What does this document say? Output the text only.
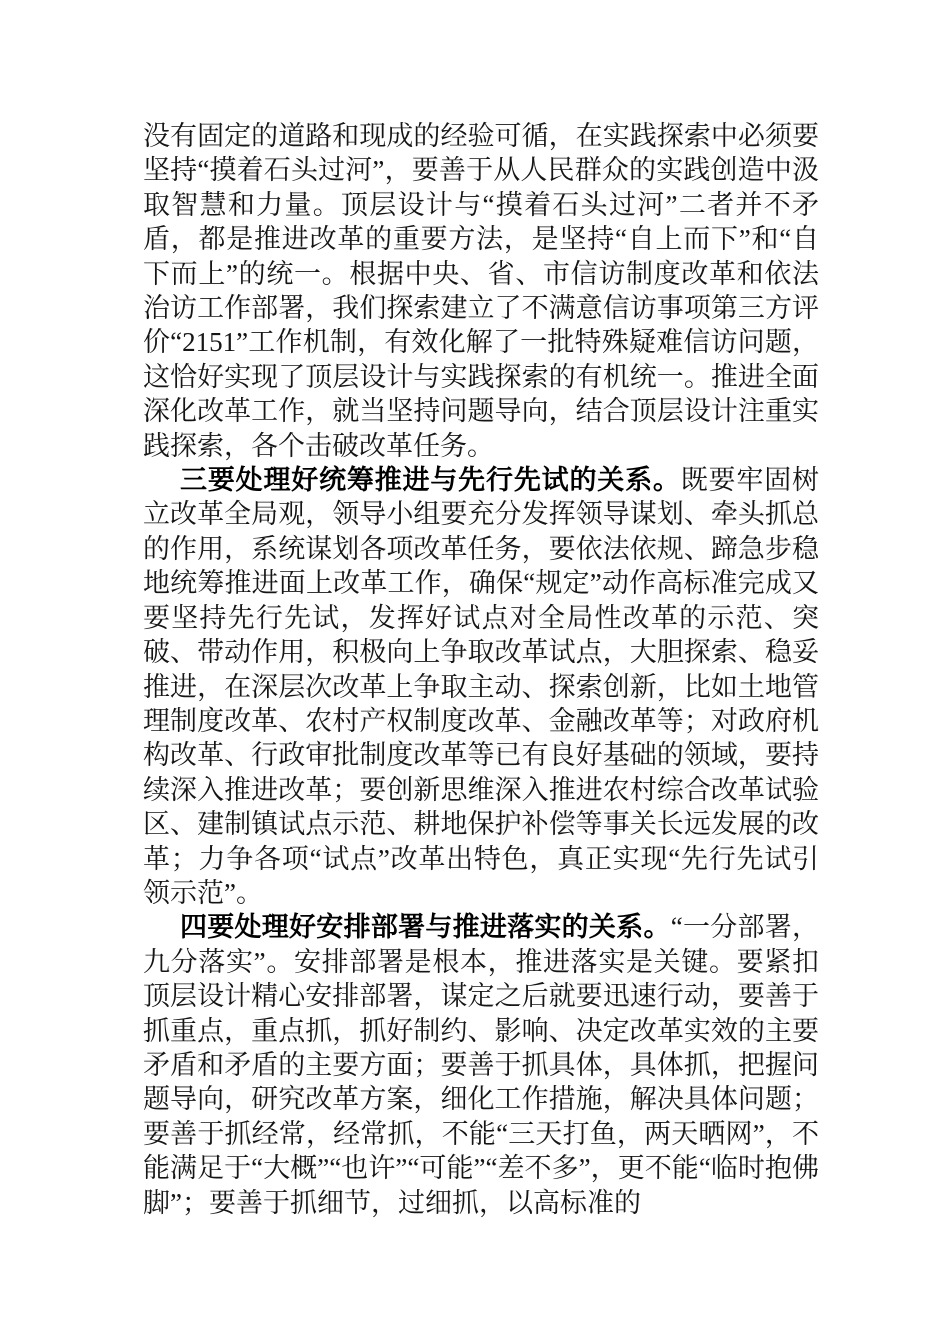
没有固定的道路和现成的经验可循，在实践探索中必须要坚持“摸着石头过河”，要善于从人民群众的实践创造中汲取智慧和力量。顶层设计与“摸着石头过河”二者并不矛盾，都是推进改革的重要方法，是坚持“自上而下”和“自下而上”的统一。根据中央、省、市信访制度改革和依法治访工作部署，我们探索建立了不满意信访事项第三方评价“2151”工作机制，有效化解了一批特殊疑难信访问题，这恰好实现了顶层设计与实践探索的有机统一。推进全面深化改革工作，就当坚持问题导向，结合顶层设计注重实践探索，各个击破改革任务。

三要处理好统筹推进与先行先试的关系。既要牢固树立改革全局观，领导小组要充分发挥领导谋划、牵头抓总的作用，系统谋划各项改革任务，要依法依规、蹄急步稳地统筹推进面上改革工作，确保“规定”动作高标准完成又要坚持先行先试，发挥好试点对全局性改革的示范、突破、带动作用，积极向上争取改革试点，大胆探索、稳妥推进，在深层次改革上争取主动、探索创新，比如土地管理制度改革、农村产权制度改革、金融改革等；对政府机构改革、行政审批制度改革等已有良好基础的领域，要持续深入推进改革；要创新思维深入推进农村综合改革试验区、建制镇试点示范、耕地保护补偿等事关长远发展的改革；力争各项“试点”改革出特色，真正实现“先行先试引领示范”。

四要处理好安排部署与推进落实的关系。“一分部署，九分落实”。安排部署是根本，推进落实是关键。要紧扣顶层设计精心安排部署，谋定之后就要迅速行动，要善于抓重点，重点抓，抓好制约、影响、决定改革实效的主要矛盾和矛盾的主要方面；要善于抓具体，具体抓，把握问题导向，研究改革方案，细化工作措施，解决具体问题；要善于抓经常，经常抓，不能“三天打鱼，两天晒网”，不能满足于“大概”“也许”“可能”“差不多”，更不能“临时抱佛脚”；要善于抓细节，过细抓，以高标准的
